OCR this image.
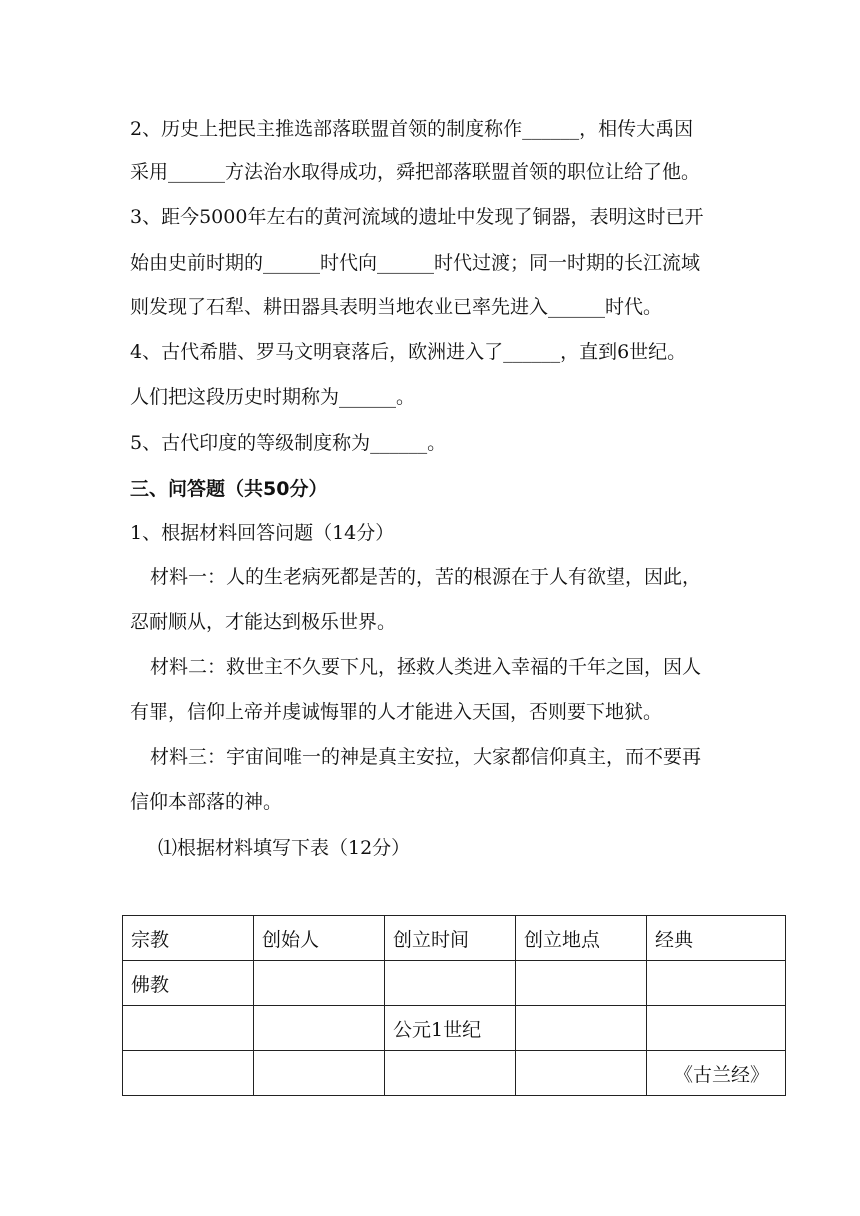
2、历史上把民主推选部落联盟首领的制度称作______，相传大禹因
采用______方法治水取得成功，舜把部落联盟首领的职位让给了他。
3、距今5000年左右的黄河流域的遗址中发现了铜器，表明这时已开
始由史前时期的______时代向______时代过渡；同一时期的长江流域
则发现了石犁、耕田器具表明当地农业已率先进入______时代。
4、古代希腊、罗马文明衰落后，欧洲进入了______，直到6世纪。
人们把这段历史时期称为______。
5、古代印度的等级制度称为______。
三、问答题（共50分）
1、根据材料回答问题（14分）
材料一：人的生老病死都是苦的，苦的根源在于人有欲望，因此，
忍耐顺从，才能达到极乐世界。
材料二：救世主不久要下凡，拯救人类进入幸福的千年之国，因人
有罪，信仰上帝并虔诚悔罪的人才能进入天国，否则要下地狱。
材料三：宇宙间唯一的神是真主安拉，大家都信仰真主，而不要再
信仰本部落的神。
⑴根据材料填写下表（12分）
宗教	创始人	创立时间	创立地点	经典
佛教				
		公元1世纪		
				《古兰经》
